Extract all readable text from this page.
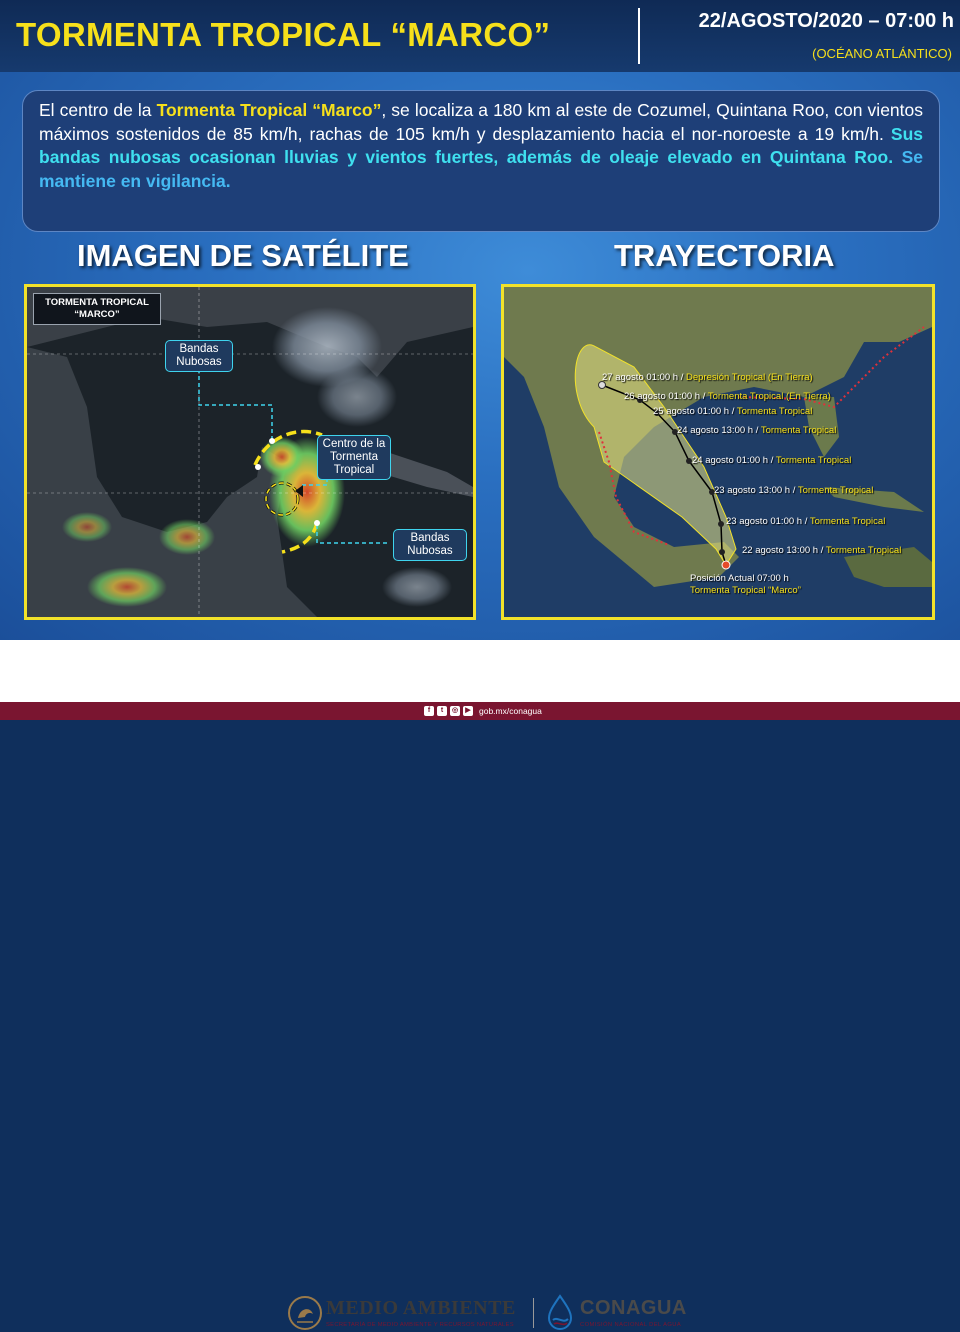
TORMENTA TROPICAL “MARCO”	22/AGOSTO/2020 – 07:00 h
(OCÉANO ATLÁNTICO)

El centro de la Tormenta Tropical “Marco”, se localiza a 180 km al este de Cozumel, Quintana Roo, con vientos máximos sostenidos de 85 km/h, rachas de 105 km/h y desplazamiento hacia el nor-noroeste a 19 km/h. Sus bandas nubosas ocasionan lluvias y vientos fuertes, además de oleaje elevado en Quintana Roo. Se mantiene en vigilancia.

IMAGEN DE SATÉLITE	TRAYECTORIA
TORMENTA TROPICAL
“MARCO”
Bandas Nubosas
Centro de la Tormenta Tropical
Bandas Nubosas
27 agosto 01:00 h / Depresión Tropical (En Tierra)
26 agosto 01:00 h / Tormenta Tropical (En Tierra)
25 agosto 01:00 h / Tormenta Tropical
24 agosto 13:00 h / Tormenta Tropical
24 agosto 01:00 h / Tormenta Tropical
23 agosto 13:00 h / Tormenta Tropical
23 agosto 01:00 h / Tormenta Tropical
22 agosto 13:00 h / Tormenta Tropical
Posición Actual 07:00 h
Tormenta Tropical “Marco”
MEDIO AMBIENTE
SECRETARÍA DE MEDIO AMBIENTE Y RECURSOS NATURALES
CONAGUA
COMISIÓN NACIONAL DEL AGUA
f	t	◎	▶ gob.mx/conagua
